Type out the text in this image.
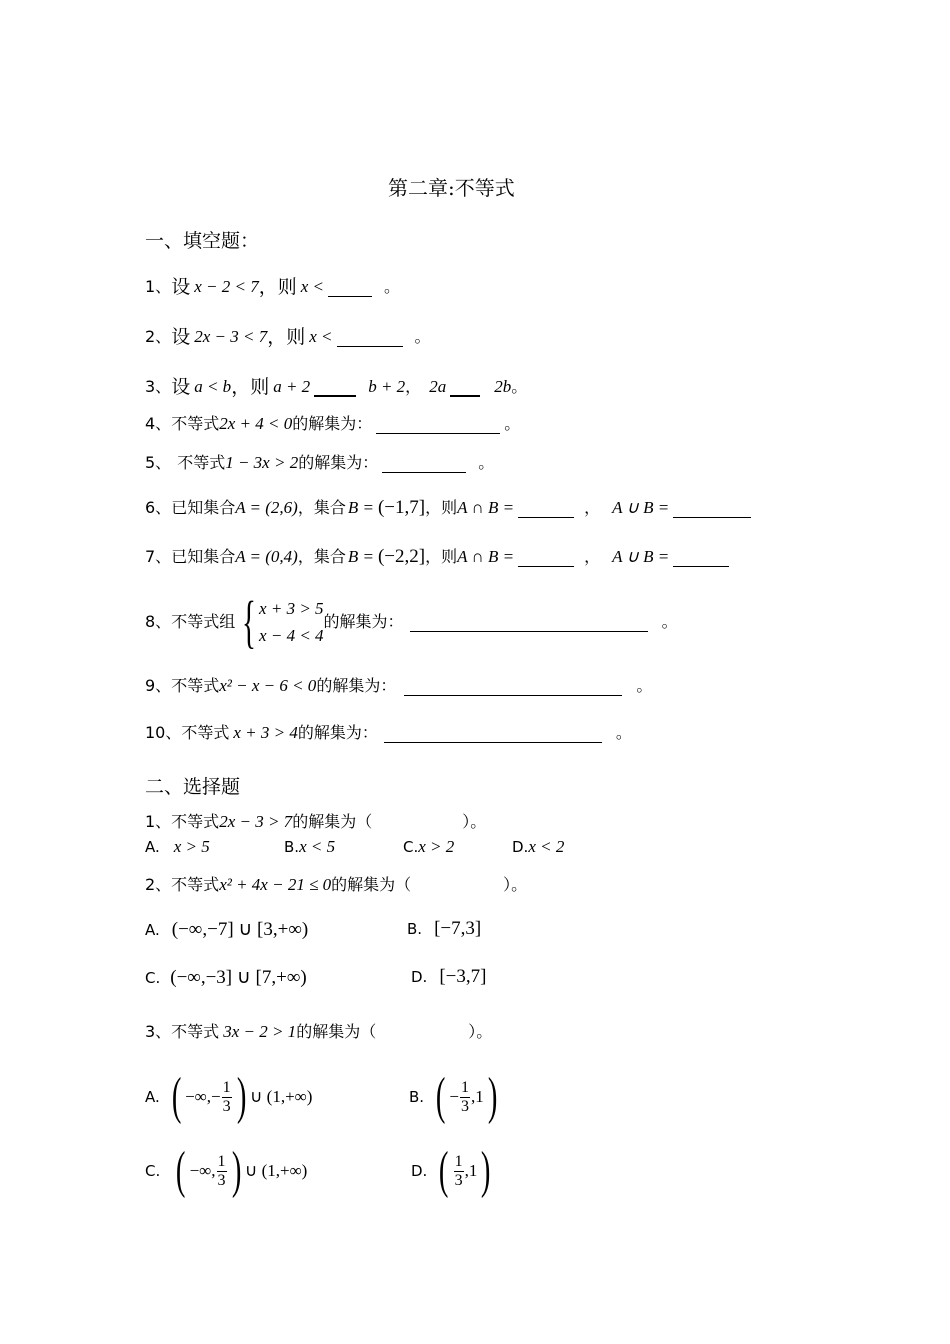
第二章:不等式
一、填空题：
1、 设 x − 2 < 7 ，则 x <	。
2、 设 2x − 3 < 7 ，则 x <	。
3、 设 a < b ，则 a + 2	b + 2 ， 2a	2b 。
4、 不等式 2x + 4 < 0 的解集为：	。
5、 不等式 1 − 3x > 2 的解集为：	。
6、 已知集合 A = (2,6) ，集合 B = (−1,7] ，则 A ∩ B =	， A ∪ B =
7、 已知集合 A = (0,4) ，集合 B = (−2,2] ，则 A ∩ B =	， A ∪ B =
8、 不等式组 { x + 3 > 5
x − 4 < 4
的解集为：	。
9、 不等式 x² − x − 6 < 0 的解集为：	。
10、 不等式 x + 3 > 4 的解集为：	。
二、选择题
1、不等式 2x − 3 > 7 的解集为（	）。
A. x > 5	B. x < 5	C. x > 2	D. x < 2
2、不等式 x² + 4x − 21 ≤ 0 的解集为（	）。
A. (−∞,−7] ∪ [3,+∞)	B. [−7,3]
C. (−∞,−3] ∪ [7,+∞)	D. [−3,7]
3、不等式 3x − 2 > 1 的解集为（	）。
A. ( −∞,− $\frac{1}{3}$ ) ∪ (1,+∞)	B. ( − $\frac{1}{3} ,1$ )
C. ( −∞, $\frac{1}{3}$ ) ∪ (1,+∞)	D. ( $\frac{1}{3} ,1$ )
